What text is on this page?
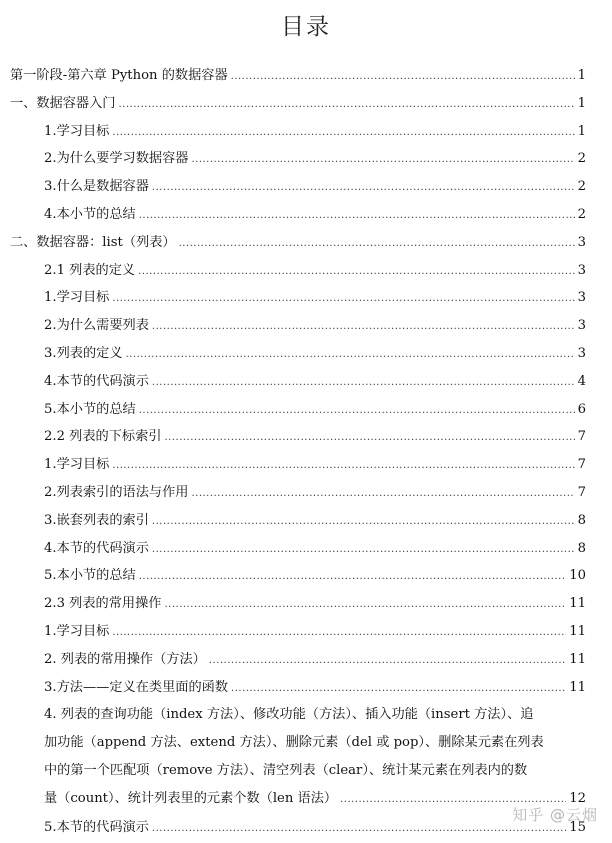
目录
第一阶段-第六章 Python 的数据容器 .....	1
一、数据容器入门 .....	1
1.学习目标 .....	1
2.为什么要学习数据容器 .....	2
3.什么是数据容器 .....	2
4.本小节的总结 .....	2
二、数据容器：list（列表） .....	3
2.1 列表的定义 .....	3
1.学习目标 .....	3
2.为什么需要列表 .....	3
3.列表的定义 .....	3
4.本节的代码演示 .....	4
5.本小节的总结 .....	6
2.2 列表的下标索引 .....	7
1.学习目标 .....	7
2.列表索引的语法与作用 .....	7
3.嵌套列表的索引 .....	8
4.本节的代码演示 .....	8
5.本小节的总结 .....	10
2.3 列表的常用操作 .....	11
1.学习目标 .....	11
2. 列表的常用操作（方法） .....	11
3.方法——定义在类里面的函数 .....	11
4. 列表的查询功能（index 方法）、修改功能（方法）、插入功能（insert 方法）、追
加功能（append 方法、extend 方法）、删除元素（del 或 pop）、删除某元素在列表
中的第一个匹配项（remove 方法）、清空列表（clear）、统计某元素在列表内的数
量（count）、统计列表里的元素个数（len 语法） .....	12
5.本节的代码演示 .....	15
知乎 @云烟
